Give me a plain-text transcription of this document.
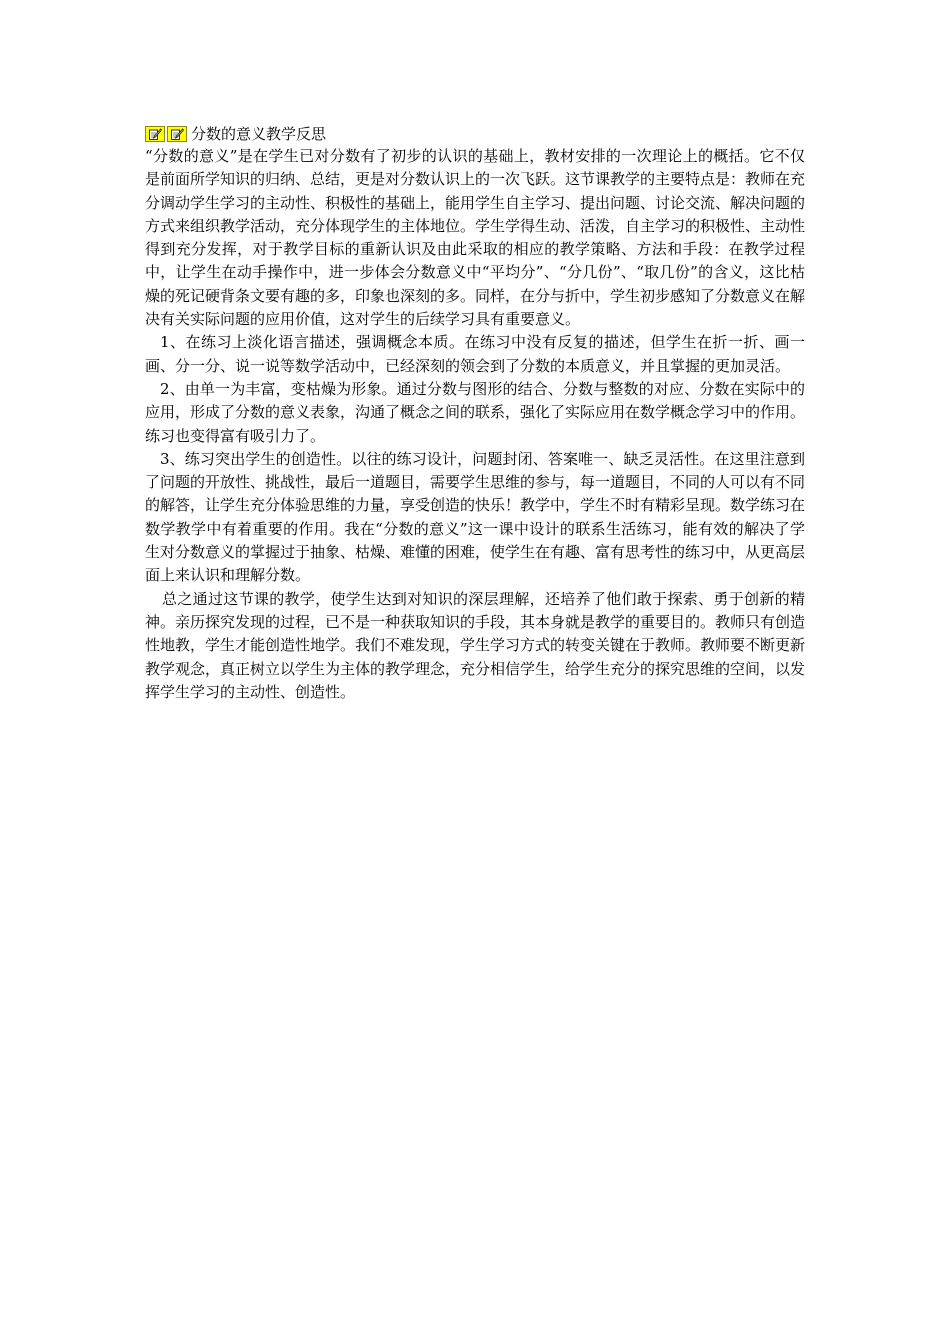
分数的意义教学反思

“分数的意义”是在学生已对分数有了初步的认识的基础上，教材安排的一次理论上的概括。它不仅是前面所学知识的归纳、总结，更是对分数认识上的一次飞跃。这节课教学的主要特点是：教师在充分调动学生学习的主动性、积极性的基础上，能用学生自主学习、提出问题、讨论交流、解决问题的方式来组织教学活动，充分体现学生的主体地位。学生学得生动、活泼，自主学习的积极性、主动性得到充分发挥，对于教学目标的重新认识及由此采取的相应的教学策略、方法和手段：在教学过程中，让学生在动手操作中，进一步体会分数意义中“平均分”、“分几份”、“取几份”的含义，这比枯燥的死记硬背条文要有趣的多，印象也深刻的多。同样，在分与折中，学生初步感知了分数意义在解决有关实际问题的应用价值，这对学生的后续学习具有重要意义。

1、在练习上淡化语言描述，强调概念本质。在练习中没有反复的描述，但学生在折一折、画一画、分一分、说一说等数学活动中，已经深刻的领会到了分数的本质意义，并且掌握的更加灵活。

2、由单一为丰富，变枯燥为形象。通过分数与图形的结合、分数与整数的对应、分数在实际中的应用，形成了分数的意义表象，沟通了概念之间的联系，强化了实际应用在数学概念学习中的作用。练习也变得富有吸引力了。

3、练习突出学生的创造性。以往的练习设计，问题封闭、答案唯一、缺乏灵活性。在这里注意到了问题的开放性、挑战性，最后一道题目，需要学生思维的参与，每一道题目，不同的人可以有不同的解答，让学生充分体验思维的力量，享受创造的快乐！教学中，学生不时有精彩呈现。数学练习在数学教学中有着重要的作用。我在“分数的意义”这一课中设计的联系生活练习，能有效的解决了学生对分数意义的掌握过于抽象、枯燥、难懂的困难，使学生在有趣、富有思考性的练习中，从更高层面上来认识和理解分数。

总之通过这节课的教学，使学生达到对知识的深层理解，还培养了他们敢于探索、勇于创新的精神。亲历探究发现的过程，已不是一种获取知识的手段，其本身就是教学的重要目的。教师只有创造性地教，学生才能创造性地学。我们不难发现，学生学习方式的转变关键在于教师。教师要不断更新教学观念，真正树立以学生为主体的教学理念，充分相信学生，给学生充分的探究思维的空间，以发挥学生学习的主动性、创造性。
